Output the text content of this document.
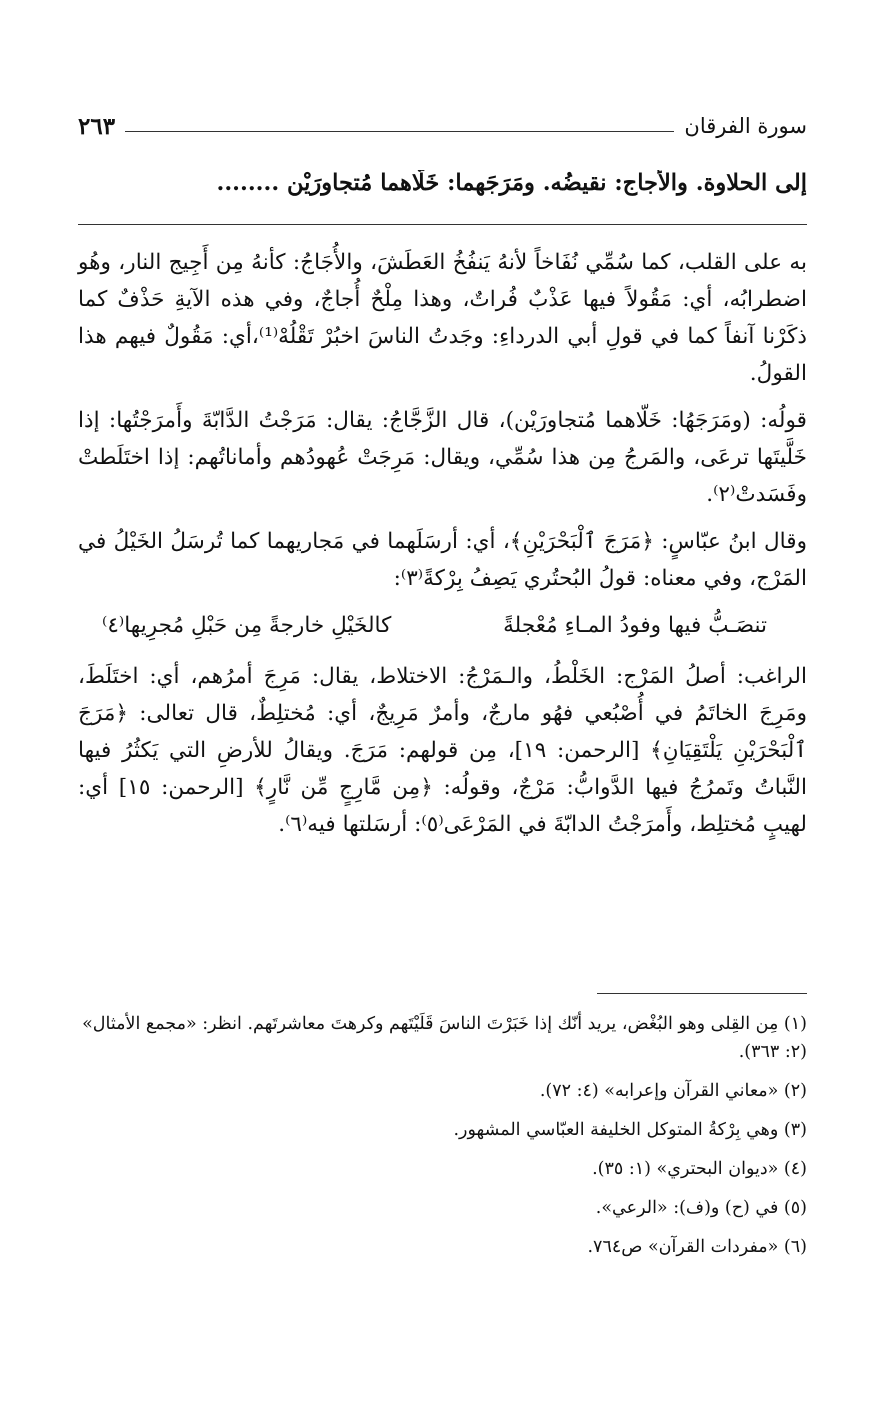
سورة الفرقان
٢٦٣
إلى الحلاوة. والأُجاج: نقيضُه. ومَرَجَهما: خَلَّاهما مُتجاورَيْن ........

به على القلب، كما سُمِّي نُفَاخاً لأنهُ يَنفُخُ العَطَشَ، والأُجَاجُ: كأنهُ مِن أَجِيج النار، وهُو اضطرابُه، أي: مَقُولاً فيها عَذْبٌ فُراتٌ، وهذا مِلْحٌ أُجاجٌ، وفي هذه الآيةِ حَذْفٌ كما ذكَرْنا آنفاً كما في قولِ أبي الدرداءِ: وجَدتُ الناسَ اخبُرْ تَقْلُهْ⁽¹⁾،أي: مَقُولٌ فيهم هذا القولُ.

قولُه: (ومَرَجَهُا: خَلّاهما مُتجاورَيْن)، قال الزَّجَّاجُ: يقال: مَرَجْتُ الدَّابّةَ وأَمرَجْتُها: إذا خَلَّيتَها ترعَى، والمَرجُ مِن هذا سُمِّي، ويقال: مَرِجَتْ عُهودُهم وأماناتُهم: إذا اختَلَطتْ وفَسَدتْ⁽٢⁾.

وقال ابنُ عبّاسٍ: ﴿مَرَجَ ٱلْبَحْرَيْنِ﴾، أي: أرسَلَهما في مَجاريهما كما تُرسَلُ الخَيْلُ في المَرْج، وفي معناه: قولُ البُحتُري يَصِفُ بِرْكةً⁽٣⁾:

تنصَـبُّ فيها وفودُ المـاءِ مُعْجلةً
كالخَيْلِ خارجةً مِن حَبْلِ مُجرِيها⁽٤⁾

الراغب: أصلُ المَرْج: الخَلْطُ، والـمَرْجُ: الاختلاط، يقال: مَرِجَ أمرُهم، أي: اختَلَطَ، ومَرِجَ الخاتَمُ في أُصْبُعي فهُو مارجٌ، وأمرٌ مَرِيجٌ، أي: مُختلِطٌ، قال تعالى: ﴿مَرَجَ ٱلْبَحْرَيْنِ يَلْتَقِيَانِ﴾ [الرحمن: ١٩]، مِن قولهم: مَرَجَ. ويقالُ للأرضِ التي يَكثُرُ فيها النَّباتُ وتَمرُجُ فيها الدَّوابُّ: مَرْجٌ، وقولُه: ﴿مِن مَّارِجٍ مِّن نَّارٍ﴾ [الرحمن: ١٥] أي: لهيبٍ مُختلِط، وأَمرَجْتُ الدابّةَ في المَرْعَى⁽٥⁾: أرسَلتها فيه⁽٦⁾.

(١) مِن القِلى وهو البُغْض، يريد أنّك إذا خَبَرْتَ الناسَ قَلَيْتَهم وكرهتَ معاشرتَهم. انظر: «مجمع الأمثال» (٢: ٣٦٣).

(٢) «معاني القرآن وإعرابه» (٤: ٧٢).

(٣) وهي بِرْكةُ المتوكل الخليفة العبّاسي المشهور.

(٤) «ديوان البحتري» (١: ٣٥).

(٥) في (ح) و(ف): «الرعي».

(٦) «مفردات القرآن» ص٧٦٤.
